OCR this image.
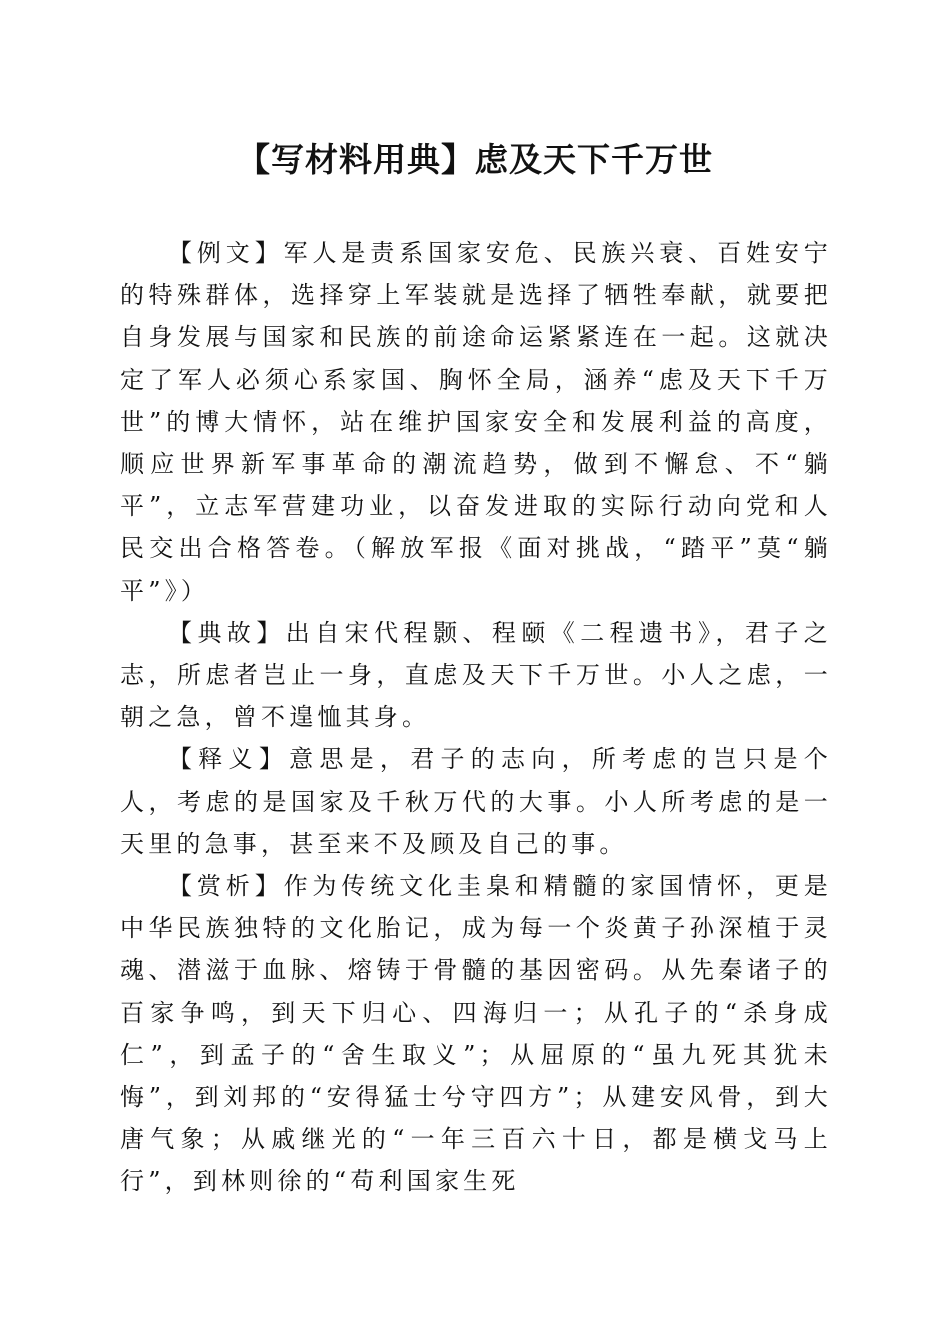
【写材料用典】虑及天下千万世

【例文】军人是责系国家安危、民族兴衰、百姓安宁的特殊群体，选择穿上军装就是选择了牺牲奉献，就要把自身发展与国家和民族的前途命运紧紧连在一起。这就决定了军人必须心系家国、胸怀全局，涵养“虑及天下千万世”的博大情怀，站在维护国家安全和发展利益的高度，顺应世界新军事革命的潮流趋势，做到不懈怠、不“躺平”，立志军营建功业，以奋发进取的实际行动向党和人民交出合格答卷。（解放军报《面对挑战，“踏平”莫“躺平”》）

【典故】出自宋代程颢、程颐《二程遗书》，君子之志，所虑者岂止一身，直虑及天下千万世。小人之虑，一朝之急，曾不遑恤其身。

【释义】意思是，君子的志向，所考虑的岂只是个人，考虑的是国家及千秋万代的大事。小人所考虑的是一天里的急事，甚至来不及顾及自己的事。

【赏析】作为传统文化圭臬和精髓的家国情怀，更是中华民族独特的文化胎记，成为每一个炎黄子孙深植于灵魂、潜滋于血脉、熔铸于骨髓的基因密码。从先秦诸子的百家争鸣，到天下归心、四海归一；从孔子的“杀身成仁”，到孟子的“舍生取义”；从屈原的“虽九死其犹未悔”，到刘邦的“安得猛士兮守四方”；从建安风骨，到大唐气象；从戚继光的“一年三百六十日，都是横戈马上行”，到林则徐的“苟利国家生死
